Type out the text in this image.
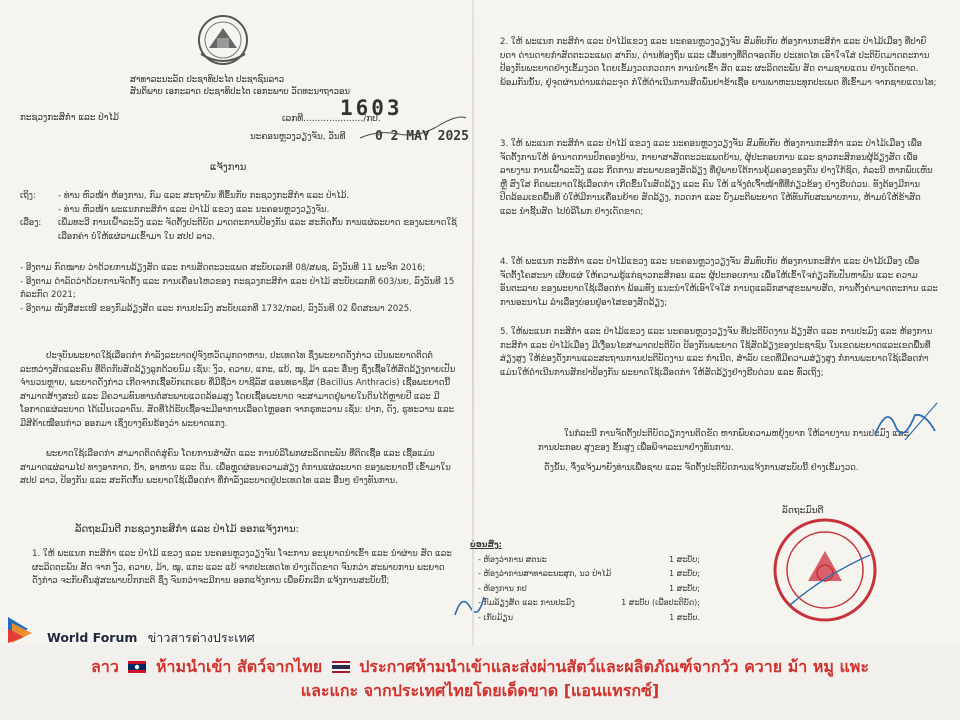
ສາທາລະນະລັດ ປະຊາທິປະໄຕ ປະຊາຊົນລາວ
ສັນຕິພາບ ເອກະລາດ ປະຊາທິປະໄຕ ເອກະພາບ ວັດທະນາຖາວອນ
ກະຊວງກະສິກຳ ແລະ ປ່າໄມ້	1603
ເລກທີ...................../ກປ.
ນະຄອນຫຼວງວຽງຈັນ, ວັນທີ	0 2 MAY 2025
ແຈ້ງການ
ເຖິງ:	- ທ່ານ ຫົວໜ້າ ຫ້ອງການ, ກົມ ແລະ ສະຖາບັນ ທີ່ຂຶ້ນກັບ ກະຊວງກະສິກຳ ແລະ ປ່າໄມ້.
- ທ່ານ ຫົວໜ້າ ພະແນກກະສິກຳ ແລະ ປ່າໄມ້ ແຂວງ ແລະ ນະຄອນຫຼວງວຽງຈັນ.
ເລື່ອງ:	ເພີ່ມທະວີ ການເຝົ້າລະວັງ ແລະ ຈັດຕັ້ງປະຕິບັດ ມາດຕະການປ້ອງກັນ ແລະ ສະກັດກັ້ນ ການແຜ່ລະບາດ ຂອງພະຍາດໃຊ້ເລືອກຄ່າ ບໍ່ໃຫ້ແຜ່ລາມເຂົ້າມາ ໃນ ສປປ ລາວ.
- ອີງຕາມ ກົດໝາຍ ວ່າດ້ວຍການລ້ຽງສັດ ແລະ ການສັດຕະວະແພດ ສະບັບເລກທີ 08/ສພຊ, ລົງວັນທີ 11 ພະຈິກ 2016;
- ອີງຕາມ ດຳລັດວ່າດ້ວຍການຈັດຕັ້ງ ແລະ ການເຄື່ອນໄຫວຂອງ ກະຊວງກະສິກຳ ແລະ ປ່າໄມ້ ສະບັບເລກທີ 603/ນຍ, ລົງວັນທີ 15 ກໍລະກົດ 2021;
- ອີງຕາມ ໜັງສືສະເໜີ ຂອງກົມລ້ຽງສັດ ແລະ ການປະມົງ ສະບັບເລກທີ 1732/ກລປ, ລົງວັນທີ 02 ພຶດສະພາ 2025.
ປະຈຸບັນພະຍາດໃຊ້ເລືອດກ່າ ກຳລັງລະບາດຢູ່ຈັງຫວັດມຸກດາຫານ, ປະເທດໄທ ຊຶ່ງພະຍາດດັ່ງກ່າວ ເປັນພະຍາດຕິດຕໍ່ລະຫວ່າງສັດແລະຄົນ ທີ່ຕິດກັບສັດລ້ຽງລູກດ້ວຍນົມ ເຊັ່ນ: ງົວ, ຄວາຍ, ແກະ, ແບ້, ໝູ, ມ້າ ແລະ ອື່ນໆ ຊຶ່ງເຊື້ອໃຫ້ສັດລ້ຽງຕາຍເປັນຈຳນວນຫຼາຍ, ພະຍາດດັ່ງກ່າວ ເກີດຈາກເຊື້ອບັກເຕເຣຍ ທີ່ມີຊື່ວ່າ ບາຊີລັສ ແອນທຣາຊີສ (Bacillus Anthracis) ເຊື້ອພະຍາດນີ້ ສາມາດສ້າງສະປໍ ແລະ ມີຄວາມທົນທານຕໍ່ສະພາບແວດລ້ອມສູງ ໂດຍເຊື້ອພະຍາດ ຈະສາມາດຢູ່ພາຍໃນດິນໄດ້ຫຼາຍປີ ແລະ ມີໂອກາດແຜ່ລະບາດ ໄດ້ເປັນເວລາດົນ. ສັດທີ່ໄດ້ຮັບເຊື້ອຈະມີອາການເລືອດໄຫຼອອກ ຈາກຮູທະວານ ເຊັ່ນ: ປາກ, ດັງ, ຮູທະວານ ແລະ ມີສີຄ້າເໝືອນກ່າວ ອອກມາ ເຊິ່ງບາງຄົນຮ້ອງວ່າ ພະຍາດແກງ.
ພະຍາດໃຊ້ເລືອດກ່າ ສາມາດຕິດຕໍ່ສູ່ຄົນ ໂດຍການສຳຜັດ ແລະ ການບໍລິໂພກຜະລິດຕະພັນ ທີ່ຕິດເຊື້ອ ແລະ ເຊື້ອແມ່ນສາມາດແຜ່ລາມໄປ ທາງອາກາດ, ນ້ຳ, ອາຫານ ແລະ ດິນ. ເພື່ອຫຼຸດຜ່ອນຄວາມສ່ຽງ ຕໍ່ການແຜ່ລະບາດ ຂອງພະຍາດນີ້ ເຂົ້າມາໃນ ສປປ ລາວ, ປ້ອງກັນ ແລະ ສະກັດກັ້ນ ພະຍາດໃຊ້ເລືອດກ່າ ທີ່ກຳລັງລະບາດຢູ່ປະເທດໄທ ແລະ ອື່ນໆ ຢ່າງທັນການ.
ລັດຖະມົນຕີ ກະຊວງກະສິກຳ ແລະ ປ່າໄມ້ ອອກແຈ້ງການ:
1. ໃຫ້ ພະແນກ ກະສິກຳ ແລະ ປ່າໄມ້ ແຂວງ ແລະ ນະຄອນຫຼວງວຽງຈັນ ໂຈະການ ອະນຸຍາດນຳເຂົ້າ ແລະ ນຳຜ່ານ ສັດ ແລະ ຜະລິດຕະພັນ ສັດ ຈາກ ງົວ, ຄວາຍ, ມ້າ, ໝູ, ແກະ ແລະ ແບ້ ຈາກປະເທດໄທ ຢ່າງເດັດຂາດ ຈົນກວ່າ ສະພາບການ ພະຍາດດັ່ງກ່າວ ຈະກັບຄືນສູ່ສະພາບປົກກະຕິ ຊຶ່ງ ຈົນກວ່າຈະມີການ ອອກແຈ້ງການ ເພື່ອຍົກເລີກ ແຈ້ງການສະບັບນີ້;
2. ໃຫ້ ພະແນກ ກະສິກຳ ແລະ ປ່າໄມ້ແຂວງ ແລະ ນະຄອນຫຼວງວຽງຈັນ ສົມທົບກັບ ຫ້ອງການກະສິກຳ ແລະ ປ່າໄມ້ເມືອງ ທີ່ປາຍົບດາ ດ່ານດາຍກຳສັດຕະວະແພດ ສາກົນ, ດ່ານທ້ອງຖິ່ນ ແລະ ເສັ້ນທາງທີ່ຕິດຈອດກັບ ປະເທດໄທ ເອົາໃຈໃສ່ ປະຕິບັດມາດຕະການ ປ້ອງກັນພະຍາດຢ່າງເຂັ້ມງວດ ໂດຍເຂັ້ມງວດກວດກາ ການນຳເຂົ້າ ສັດ ແລະ ຜະລິດຕະພັນ ສັດ ຕາມຊາຍແດນ ຢ່າງເດັດຂາດ. ພ້ອມກັນນັ້ນ, ຢູ່ຈຸດຜ່ານດ່ານແຕ່ລະຈຸດ ກໍ່ໃຫ້ດຳເນີນການສີດພົ່ນຢາຂ້າເຊື້ອ ຍານພາຫະນະທຸກປະເພດ ທີ່ເຂົ້າມາ ຈາກຊາຍແດນໄທ;
3. ໃຫ້ ພະແນກ ກະສິກຳ ແລະ ປ່າໄມ້ ແຂວງ ແລະ ນະຄອນຫຼວງວຽງຈັນ ສົມທົບກັບ ຫ້ອງການກະສິກຳ ແລະ ປ່າໄມ້ເມືອງ ເພື່ອຈັດຕັ້ງການໃຫ້ ອຳນາດການປົກຄອງບ້ານ, ກາຍາສາສັດຕະວະແພດບ້ານ, ຜູ້ປະກອບການ ແລະ ຊາວກະສິກອນຜູ້ລ້ຽງສັດ ເພື່ອລາຍງານ ການເຝົ້າລະວັງ ແລະ ກີດການ ສະພາບຂອງສັດລ້ຽງ ທີ່ຢູ່ພາຍໃຕ້ການຄຸ້ມຄອງຂອງຕົນ ຢ່າງໃກ້ຊິດ, ກໍລະນີ ຫາກພົບເຫັນ ຫຼື ສົງໃສ ກິດພະຍາດໃຊ້ເລືອດກ່າ ເກີດຂຶ້ນໃນສັດລ້ຽງ ແລະ ຄົນ ໃຫ້ ແຈ້ງຕໍ່ເຈົ້າໜ້າທີ່ທີ່ກ່ຽວຂ້ອງ ຢ່າງຮີບດ່ວນ. ທັງຕ້ອງມີການ ປິດລ້ອມເຂດພື້ນທີ່ ບໍ່ໃຫ້ມີການເຄື່ອນຍ້າຍ ສັດລ້ຽງ, ກວດກາ ແລະ ບົ່ງມະຕິພະຍາດ ໃຫ້ທັນກັບສະພາບການ, ຫ້າມບໍ່ໃຫ້ຂ້າສັດ ແລະ ນຳຊີ້ນສັດ ໄປບໍລິໂພກ ຢ່າງເດັດຂາດ;
4. ໃຫ້ ພະແນກ ກະສິກຳ ແລະ ປ່າໄມ້ແຂວງ ແລະ ນະຄອນຫຼວງວຽງຈັນ ສົມທົບກັບ ຫ້ອງການກະສິກຳ ແລະ ປ່າໄມ້ເມືອງ ເພື່ອຈັດຕັ້ງໂຄສະນາ ເຜີຍແຜ່ ໃຫ້ຄວາມຮູ້ແກ່ຊາວກະສິກອນ ແລະ ຜູ້ປະກອບການ ເພື່ອໃຫ້ເຂົ້າໃຈກ່ຽວກັບປັນຫາພົນ ແລະ ຄວາມອັນຕະລາຍ ຂອງພະຍາດໃຊ້ເລືອດກ່າ ພ້ອມທັງ ແນະນຳໃຫ້ເອົາໃຈໃສ່ ການດູແລລັກສາສຸຂະພາບສັດ, ການຕັ້ງຄ່າມາດຕະການ ແລະ ການອະນາໄມ ລຳເລື່ອງບ່ອນຢູ່ອາໄສຂອງສັດລ້ຽງ;
5. ໃຫ້ພະແນກ ກະສິກຳ ແລະ ປ່າໄມ້ແຂວງ ແລະ ນະຄອນຫຼວງວຽງຈັນ ທີ່ປະຕິບັດງານ ລ້ຽງສັດ ແລະ ການປະມົງ ແລະ ຫ້ອງການກະສິກຳ ແລະ ປ່າໄມ້ເມືອງ ມີເງື່ອນໄຂສາມາດປະຕິບັດ ປ້ອງກັນພະຍາດ ໃຊ້ສັດລ້ຽງຂອງປະຊາຊົນ ໃນເຂດພະຍາດແລະເຂດພື້ນທີ່ສ່ຽງສູງ ໃຫ້ຂ່ອງດັ່ງການແລະສະຖານການປະຕິບັດງານ ແລະ ກຳເນີດ, ສຳລັບ ເຂດທີ່ມີຄວາມສ່ຽງສູງ ກໍ່ການພະຍາດໃຊ້ເລືອດກ່າ ແມ່ນໃຫ້ດຳເນີນການສັກຢາປ້ອງກັນ ພະຍາດໃຊ້ເລືອດກ່າ ໃຫ້ສັດລ້ຽງຢ່າງຮີບດ່ວນ ແລະ ທົ່ວເຖິງ;
ໃນກໍລະນີ ການຈັດຕັ້ງປະຕິບັດວຽກງານຕິດຂັດ ຫາກພົບຄວາມຫຍຸ້ງຍາກ ໃຫ້ລາຍງານ ການປະມົງ ແລະ ການປະກອບ ສູງຂອງ ຂັ້ນສູງ ເພື່ອພິຈາລະນາຢ່າງທັນການ.
ດັ່ງນັ້ນ, ຈຶ່ງແຈ້ງມາຍັງທ່ານເພື່ອຊາບ ແລະ ຈັດຕັ້ງປະຕິບັດການແຈ້ງການສະບັບນີ້ ຢ່າງເຂັ້ມງວດ.
ລັດຖະມົນຕີ
ບ່ອນສົ່ງ:
- ຫ້ອງວ່າການ ສຕນະ	1 ສະບັບ;
- ຫ້ອງວ່າການສາທາລະນະສຸກ, ນວ ປ່າໄມ້	1 ສະບັບ;
- ຫ້ອງການ ກປ	1 ສະບັບ;
- ກົມລ້ຽງສັດ ແລະ ການປະມົງ	1 ສະບັບ (ເພື່ອປະຕິບັດ);
- ເກັບມ້ຽນ	1 ສະບັບ.
World Forum ข่าวสารต่างประเทศ
ลาว ห้ามนำเข้า สัตว์จากไทย ประกาศห้ามนำเข้าและส่งผ่านสัตว์และผลิตภัณฑ์จากวัว ควาย ม้า หมู แพะ
และแกะ จากประเทศไทยโดยเด็ดขาด [แอนแทรกซ์]
